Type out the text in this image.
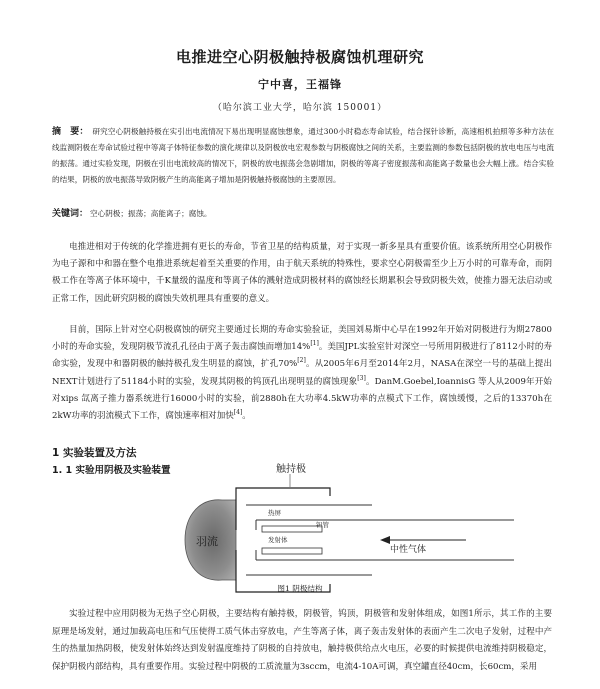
电推进空心阴极触持极腐蚀机理研究
宁中喜，王福锋
（哈尔滨工业大学，哈尔滨 150001）
摘　要： 研究空心阴极触持极在实引出电流情况下易出现明显腐蚀想象，通过300小时稳态寿命试验，结合探针诊断，高速相机拍照等多种方法在线监测阴极在寿命试验过程中等离子体特征参数的演化规律以及阴极放电宏观参数与阴极腐蚀之间的关系，主要监测的参数包括阴极的放电电压与电流的振荡。通过实验发现，阴极在引出电流较高的情况下，阴极的放电振荡会急剧增加，阴极的等离子密度振荡和高能离子数量也会大幅上涨。结合实验的结果，阴极的放电振荡导致阴极产生的高能离子增加是阴极触持极腐蚀的主要原因。
关键词： 空心阴极；振荡；高能离子；腐蚀。
电推进相对于传统的化学推进拥有更长的寿命，节省卫星的结构质量，对于实现一新多星具有重要价值。该系统所用空心阴极作为电子源和中和器在整个电推进系统起着至关重要的作用，由于航天系统的特殊性，要求空心阴极需至少上万小时的可靠寿命，而阴极工作在等离子体环境中，千K量级的温度和等离子体的溅射造成阴极材料的腐蚀经长期累积会导致阴极失效，使推力器无法启动或正常工作，因此研究阴极的腐蚀失效机理具有重要的意义。
目前，国际上针对空心阴极腐蚀的研究主要通过长期的寿命实验验证，美国刘易斯中心早在1992年开始对阴极进行为期27800小时的寿命实验，发现阴极节流孔孔径由于离子轰击腐蚀而增加14%[1]。美国JPL实验室针对深空一号所用阴极进行了8112小时的寿命实验，发现中和器阴极的触持极孔发生明显的腐蚀，扩孔70%[2]。从2005年6月至2014年2月，NASA在深空一号的基础上提出NEXT计划进行了51184小时的实验，发现其阴极的钨顶孔出现明显的腐蚀现象[3]。DanM.Goebel,IoannisG 等人从2009年开始对xips 氙离子推力器系统进行16000小时的实验，前2880h在大功率4.5kW功率的点模式下工作，腐蚀缓慢，之后的13370h在2kW功率的羽流模式下工作，腐蚀速率相对加快[4]。
1 实验装置及方法
1. 1 实验用阴极及实验装置
羽流
触持极
热屏
钽管
发射体
中性气体
图1 阴极结构
实验过程中应用阴极为无热子空心阴极，主要结构有触持极，阴极管，钨顶，阴极管和发射体组成，如图1所示，其工作的主要原理是场发射，通过加载高电压和气压使得工质气体击穿放电，产生等离子体，离子轰击发射体的表面产生二次电子发射，过程中产生的热量加热阴极，使发射体始终达到发射温度维持了阴极的自持放电，触持极供给点火电压，必要的时候提供电流维持阴极稳定，保护阴极内部结构，具有重要作用。实验过程中阴极的工质流量为3sccm，电流4-10A可调，真空罐直径40cm，长60cm，采用
